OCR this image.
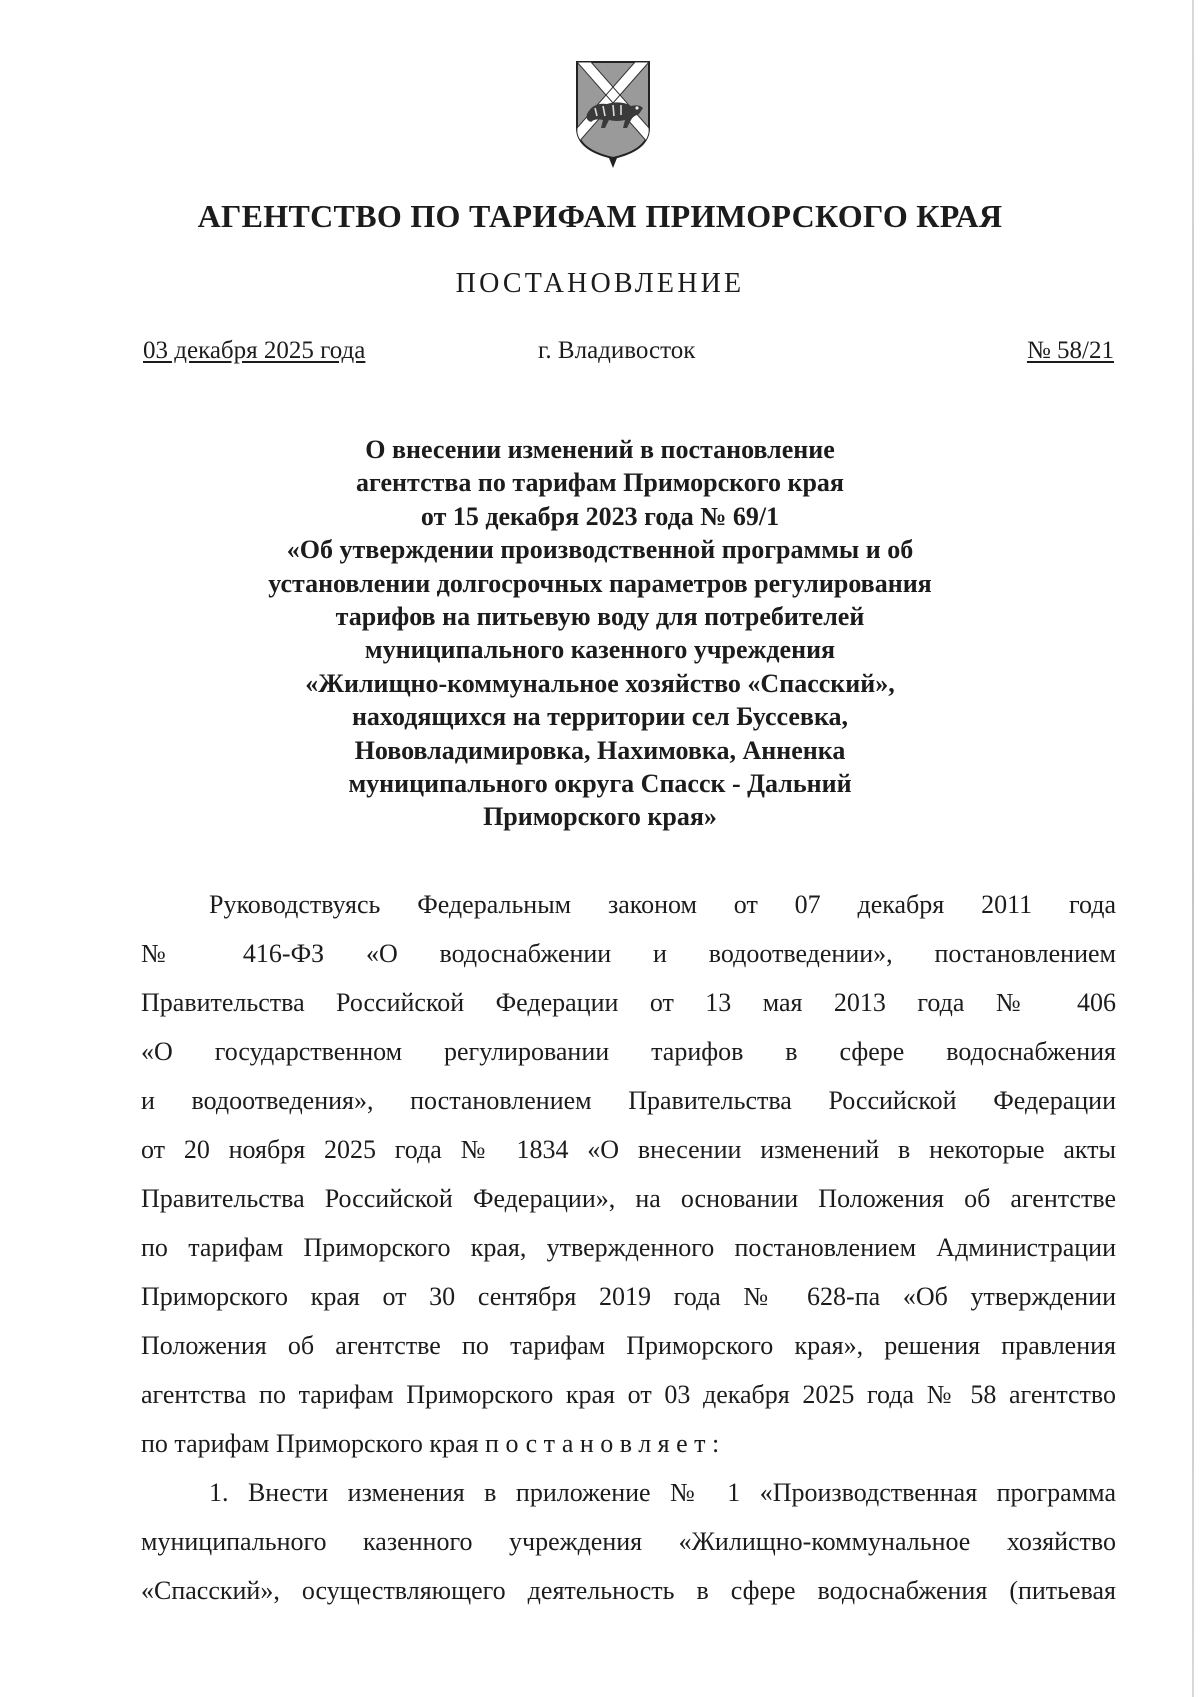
АГЕНТСТВО ПО ТАРИФАМ ПРИМОРСКОГО КРАЯ
ПОСТАНОВЛЕНИЕ
03 декабря 2025 года	г. Владивосток	№ 58/21
О внесении изменений в постановление
агентства по тарифам Приморского края
от 15 декабря 2023 года № 69/1
«Об утверждении производственной программы и об
установлении долгосрочных параметров регулирования
тарифов на питьевую воду для потребителей
муниципального казенного учреждения
«Жилищно-коммунальное хозяйство «Спасский»,
находящихся на территории сел Буссевка,
Нововладимировка, Нахимовка, Анненка
муниципального округа Спасск - Дальний
Приморского края»
Руководствуясь Федеральным законом от 07 декабря 2011 года
№ 416-ФЗ «О водоснабжении и водоотведении», постановлением
Правительства Российской Федерации от 13 мая 2013 года № 406
«О государственном регулировании тарифов в сфере водоснабжения
и водоотведения», постановлением Правительства Российской Федерации
от 20 ноября 2025 года № 1834 «О внесении изменений в некоторые акты
Правительства Российской Федерации», на основании Положения об агентстве
по тарифам Приморского края, утвержденного постановлением Администрации
Приморского края от 30 сентября 2019 года № 628-па «Об утверждении
Положения об агентстве по тарифам Приморского края», решения правления
агентства по тарифам Приморского края от 03 декабря 2025 года № 58 агентство
по тарифам Приморского края постановляет:
1. Внести изменения в приложение № 1 «Производственная программа
муниципального казенного учреждения «Жилищно-коммунальное хозяйство
«Спасский», осуществляющего деятельность в сфере водоснабжения (питьевая
